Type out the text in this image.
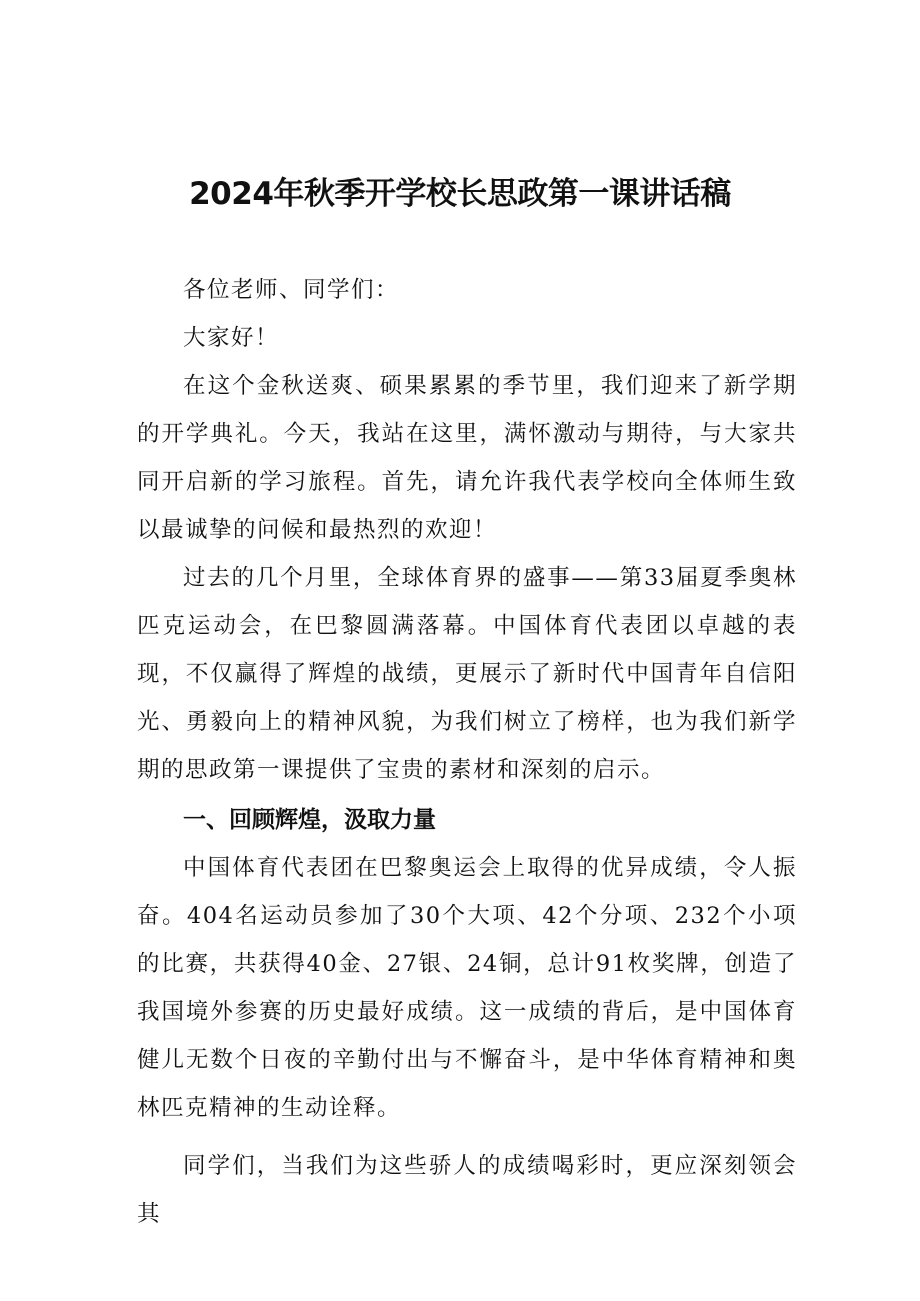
2024年秋季开学校长思政第一课讲话稿

各位老师、同学们：

大家好！

在这个金秋送爽、硕果累累的季节里，我们迎来了新学期的开学典礼。今天，我站在这里，满怀激动与期待，与大家共同开启新的学习旅程。首先，请允许我代表学校向全体师生致以最诚挚的问候和最热烈的欢迎！

过去的几个月里，全球体育界的盛事——第33届夏季奥林匹克运动会，在巴黎圆满落幕。中国体育代表团以卓越的表现，不仅赢得了辉煌的战绩，更展示了新时代中国青年自信阳光、勇毅向上的精神风貌，为我们树立了榜样，也为我们新学期的思政第一课提供了宝贵的素材和深刻的启示。

一、回顾辉煌，汲取力量

中国体育代表团在巴黎奥运会上取得的优异成绩，令人振奋。404名运动员参加了30个大项、42个分项、232个小项的比赛，共获得40金、27银、24铜，总计91枚奖牌，创造了我国境外参赛的历史最好成绩。这一成绩的背后，是中国体育健儿无数个日夜的辛勤付出与不懈奋斗，是中华体育精神和奥林匹克精神的生动诠释。

同学们，当我们为这些骄人的成绩喝彩时，更应深刻领会其
